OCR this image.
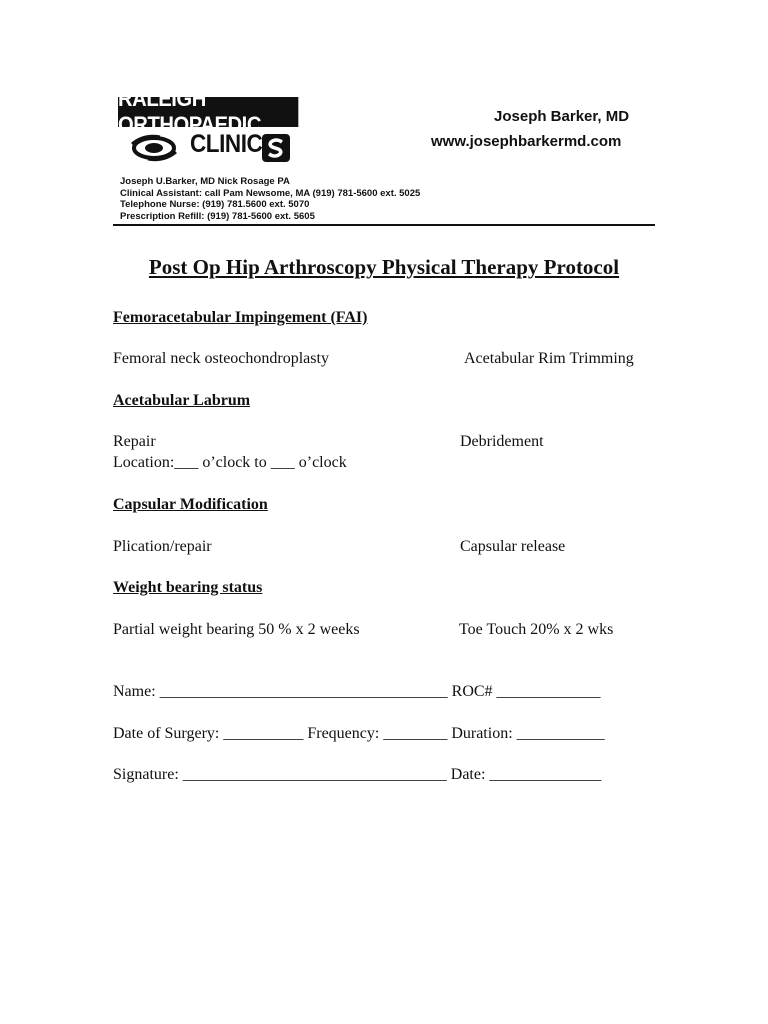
RALEIGH ORTHOPAEDIC
CLINIC
Joseph Barker, MD
www.josephbarkermd.com
Joseph U.Barker, MD Nick Rosage PA
Clinical Assistant: call Pam Newsome, MA (919) 781-5600 ext. 5025
Telephone Nurse: (919) 781.5600 ext. 5070
Prescription Refill: (919) 781-5600 ext. 5605
Post Op Hip Arthroscopy Physical Therapy Protocol
Femoracetabular Impingement (FAI)
Femoral neck osteochondroplasty	Acetabular Rim Trimming
Acetabular Labrum
Repair	Debridement
Location:___ o’clock to ___ o’clock
Capsular Modification
Plication/repair	Capsular release
Weight bearing status
Partial weight bearing 50 % x 2 weeks	Toe Touch 20% x 2 wks
Name: ____________________________________ ROC# _____________
Date of Surgery: __________ Frequency: ________ Duration: ___________
Signature: _________________________________ Date: ______________
